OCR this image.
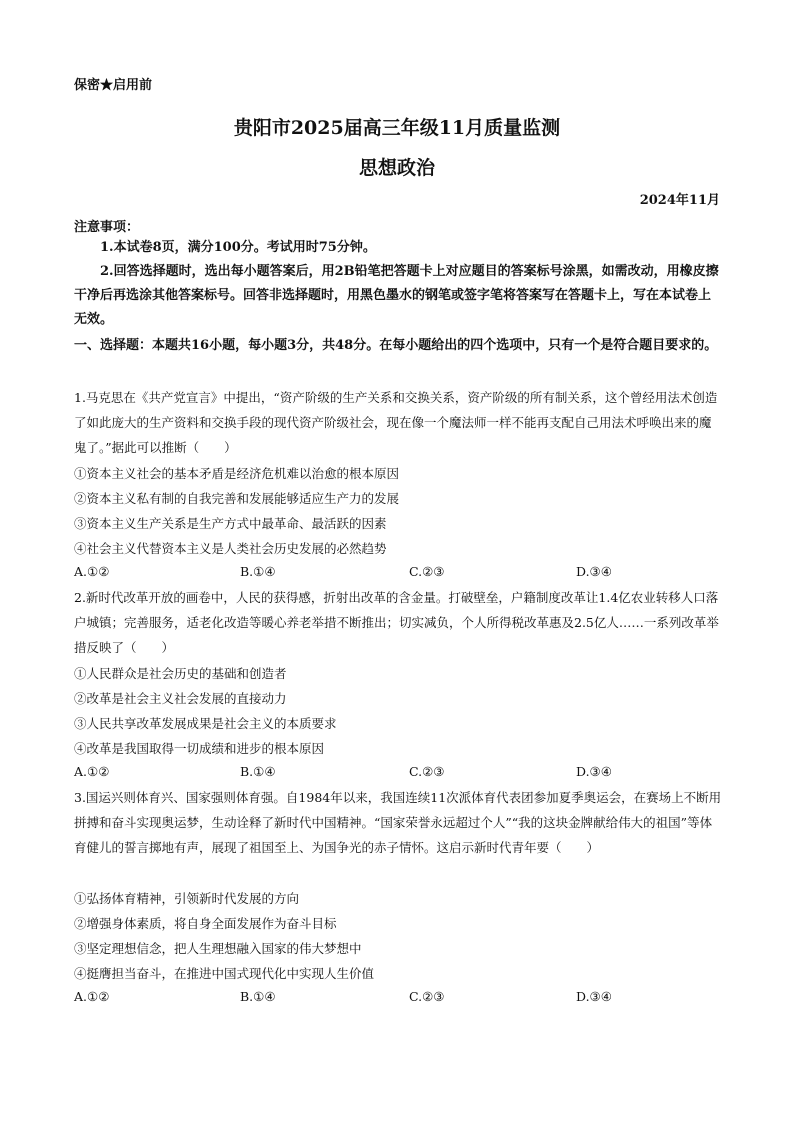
保密★启用前
贵阳市2025届高三年级11月质量监测
思想政治
2024年11月
注意事项：
1.本试卷8页，满分100分。考试用时75分钟。
2.回答选择题时，选出每小题答案后，用2B铅笔把答题卡上对应题目的答案标号涂黑，如需改动，用橡皮擦干净后再选涂其他答案标号。回答非选择题时，用黑色墨水的钢笔或签字笔将答案写在答题卡上，写在本试卷上无效。
一、选择题：本题共16小题，每小题3分，共48分。在每小题给出的四个选项中，只有一个是符合题目要求的。
1.马克思在《共产党宣言》中提出，“资产阶级的生产关系和交换关系，资产阶级的所有制关系，这个曾经用法术创造了如此庞大的生产资料和交换手段的现代资产阶级社会，现在像一个魔法师一样不能再支配自己用法术呼唤出来的魔鬼了。”据此可以推断（　　）
①资本主义社会的基本矛盾是经济危机难以治愈的根本原因
②资本主义私有制的自我完善和发展能够适应生产力的发展
③资本主义生产关系是生产方式中最革命、最活跃的因素
④社会主义代替资本主义是人类社会历史发展的必然趋势
A.①②	B.①④	C.②③	D.③④
2.新时代改革开放的画卷中，人民的获得感，折射出改革的含金量。打破壁垒，户籍制度改革让1.4亿农业转移人口落户城镇；完善服务，适老化改造等暖心养老举措不断推出；切实减负，个人所得税改革惠及2.5亿人……一系列改革举措反映了（　　）
①人民群众是社会历史的基础和创造者
②改革是社会主义社会发展的直接动力
③人民共享改革发展成果是社会主义的本质要求
④改革是我国取得一切成绩和进步的根本原因
A.①②	B.①④	C.②③	D.③④
3.国运兴则体育兴、国家强则体育强。自1984年以来，我国连续11次派体育代表团参加夏季奥运会，在赛场上不断用拼搏和奋斗实现奥运梦，生动诠释了新时代中国精神。“国家荣誉永远超过个人”“我的这块金牌献给伟大的祖国”等体育健儿的誓言掷地有声，展现了祖国至上、为国争光的赤子情怀。这启示新时代青年要（　　）
①弘扬体育精神，引领新时代发展的方向
②增强身体素质，将自身全面发展作为奋斗目标
③坚定理想信念，把人生理想融入国家的伟大梦想中
④挺膺担当奋斗，在推进中国式现代化中实现人生价值
A.①②	B.①④	C.②③	D.③④
